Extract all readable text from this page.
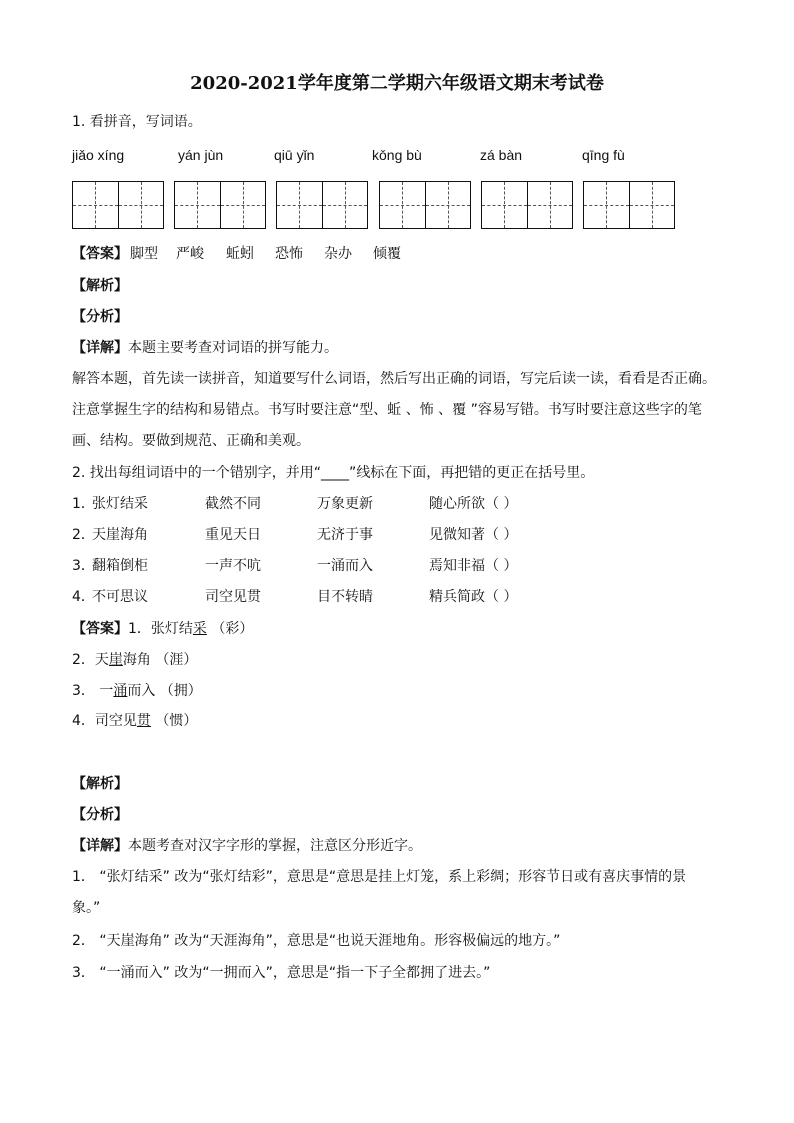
2020-2021学年度第二学期六年级语文期末考试卷
1. 看拼音，写词语。
jiǎo xíng	yán jùn	qiū yǐn	kǒng bù	zá bàn	qīng fù
【答案】 脚型 严峻 蚯蚓 恐怖 杂办 倾覆
【解析】
【分析】
【详解】本题主要考查对词语的拼写能力。
解答本题，首先读一读拼音，知道要写什么词语，然后写出正确的词语，写完后读一读，看看是否正确。
注意掌握生字的结构和易错点。书写时要注意“型、蚯 、怖 、覆 ”容易写错。书写时要注意这些字的笔
画、结构。要做到规范、正确和美观。
2. 找出每组词语中的一个错别字，并用“____”线标在下面，再把错的更正在括号里。
1．
张灯结采	截然不同	万象更新	随心所欲（ ）
2．
天崖海角	重见天日	无济于事	见微知著（ ）
3．
翻箱倒柜	一声不吭	一涌而入	焉知非福（ ）
4．
不可思议	司空见贯	目不转睛	精兵简政（ ）
【答案】1．张灯结采 （彩）
2．天崖海角 （涯）
3． 一涌而入 （拥）
4．司空见贯 （惯）
【解析】
【分析】
【详解】本题考查对汉字字形的掌握，注意区分形近字。
1． “张灯结采” 改为“张灯结彩”，意思是“意思是挂上灯笼，系上彩绸；形容节日或有喜庆事情的景
象。”
2． “天崖海角” 改为“天涯海角”，意思是“也说天涯地角。形容极偏远的地方。”
3． “一涌而入” 改为“一拥而入”，意思是“指一下子全都拥了进去。”
